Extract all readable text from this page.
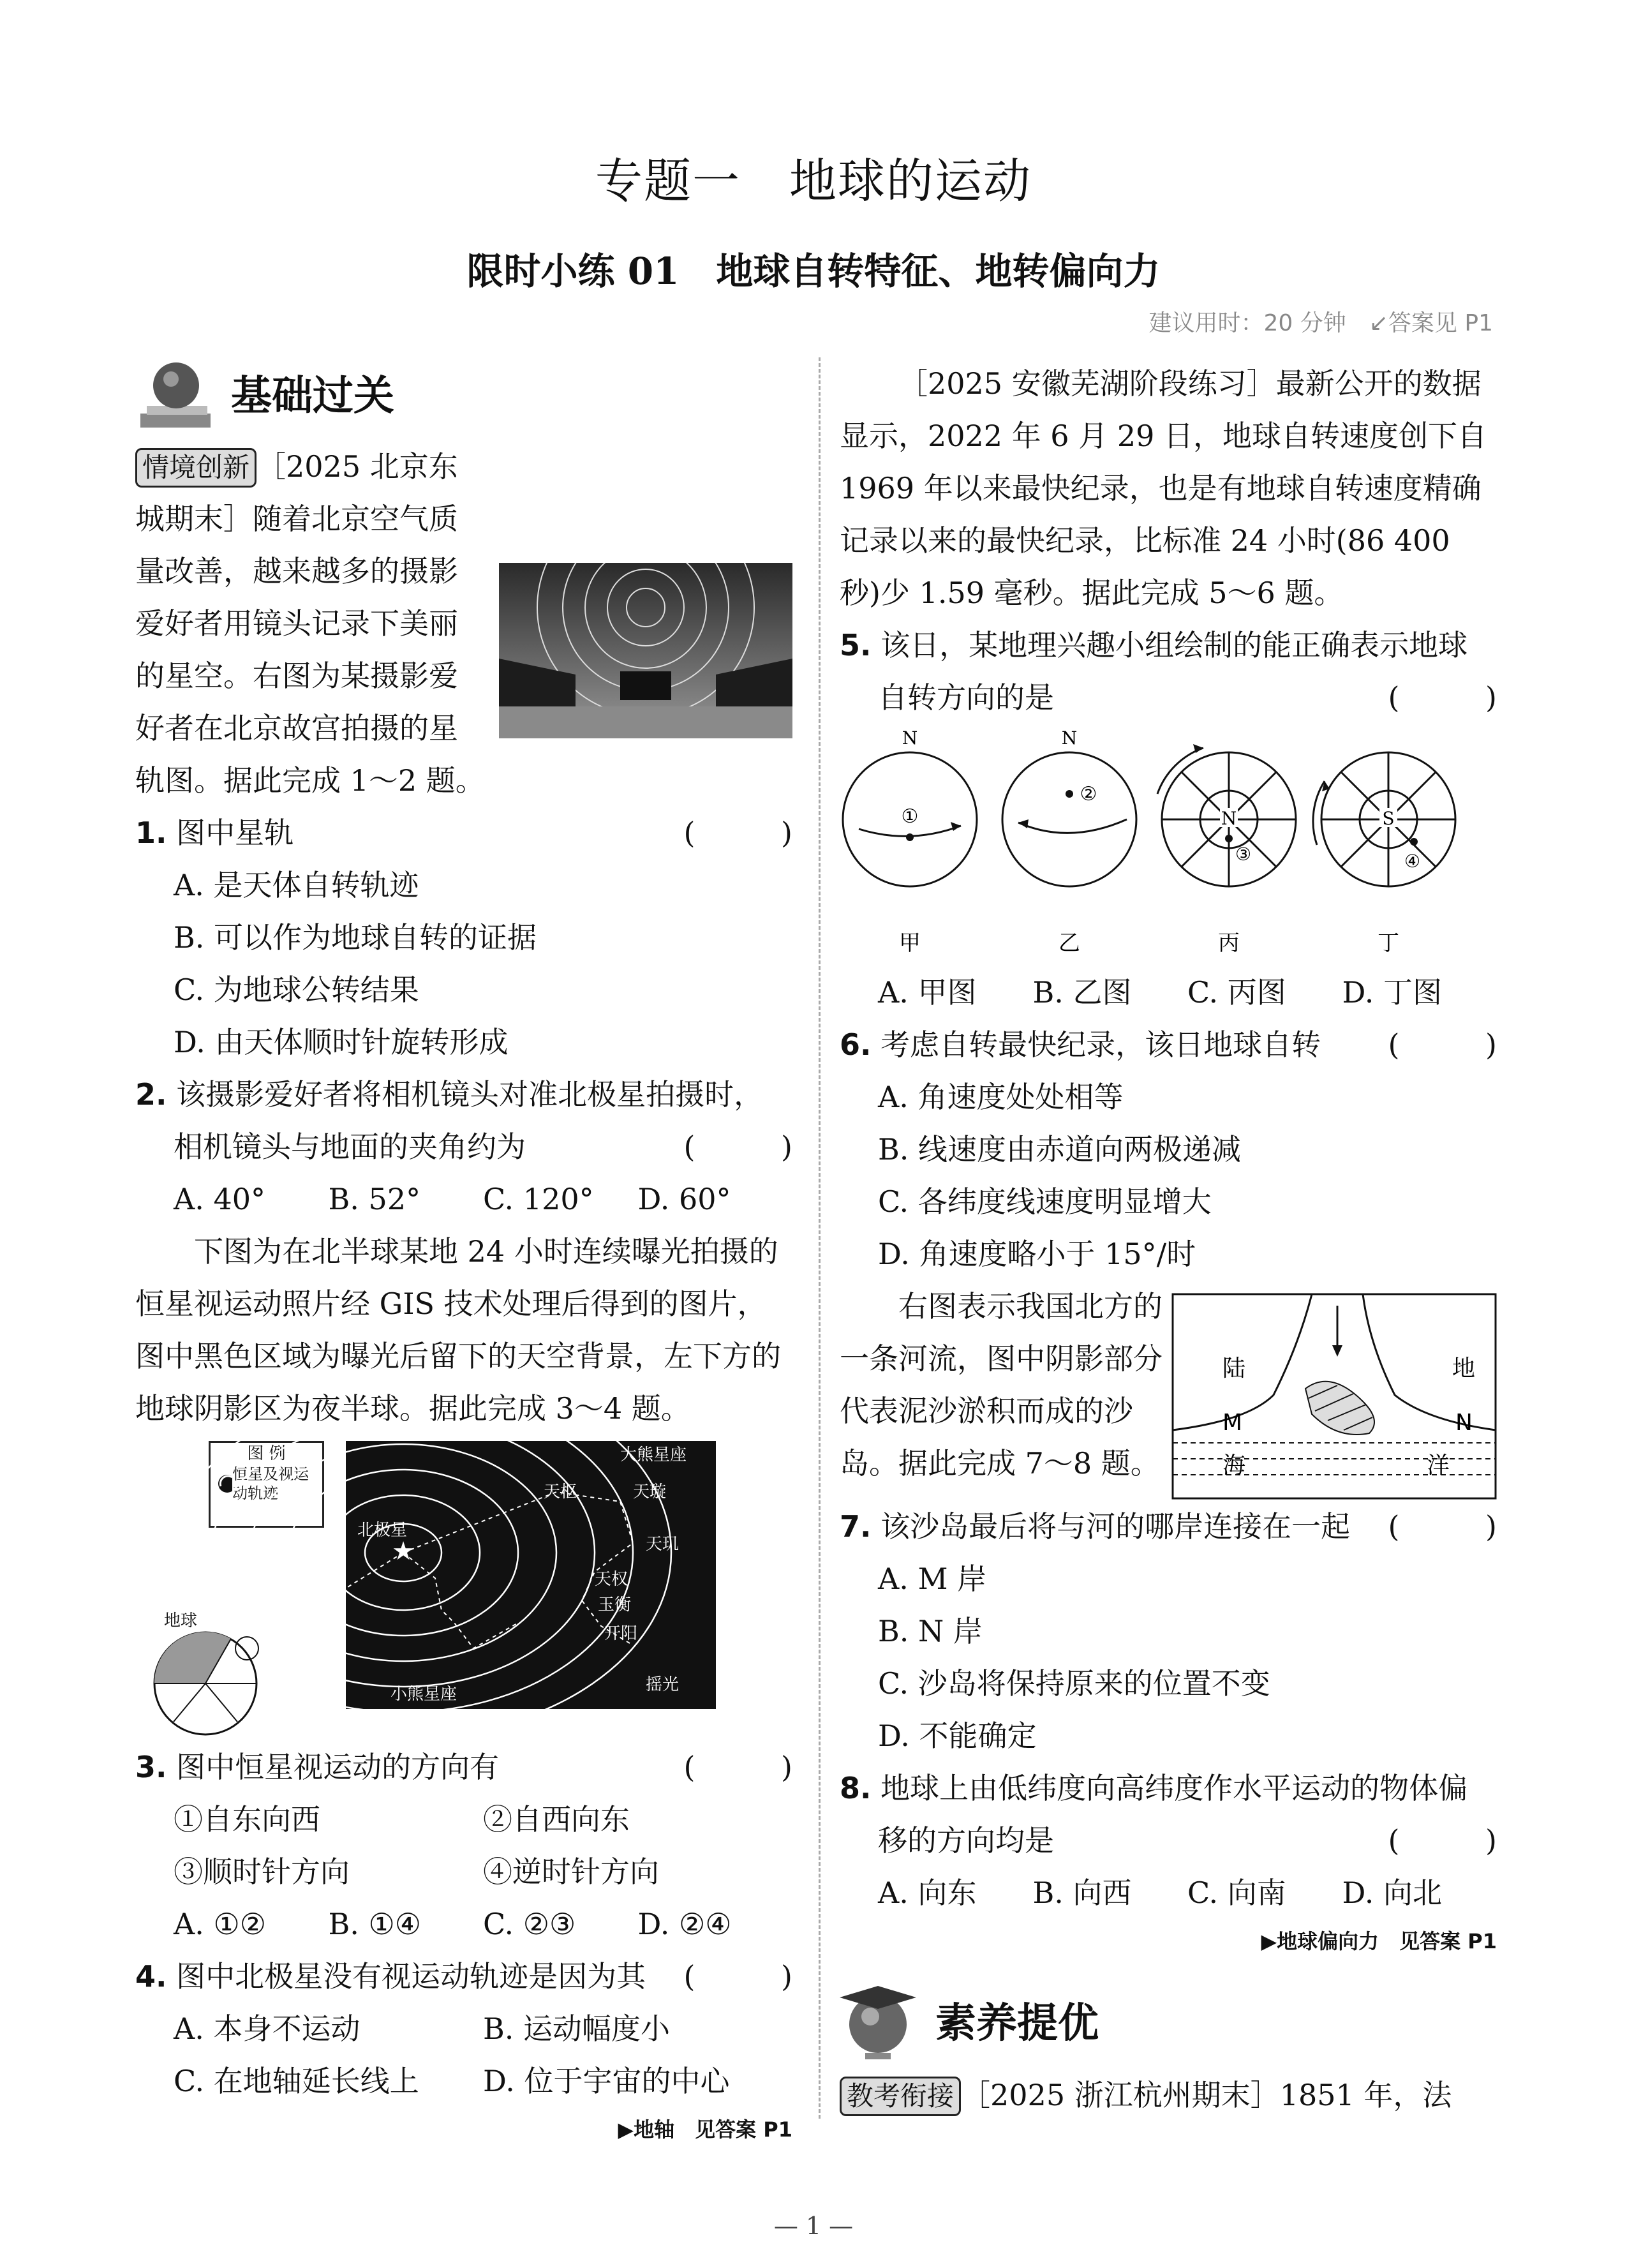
专题一　地球的运动
限时小练 01　地球自转特征、地转偏向力
建议用时：20 分钟　↙答案见 P1
基础过关

情境创新 ［2025 北京东城期末］随着北京空气质量改善，越来越多的摄影爱好者用镜头记录下美丽的星空。右图为某摄影爱好者在北京故宫拍摄的星轨图。据此完成 1～2 题。

1. 图中星轨	( )

A. 是天体自转轨迹

B. 可以作为地球自转的证据

C. 为地球公转结果

D. 由天体顺时针旋转形成

2. 该摄影爱好者将相机镜头对准北极星拍摄时，相机镜头与地面的夹角约为	( )

A. 40° B. 52° C. 120° D. 60°

下图为在北半球某地 24 小时连续曝光拍摄的恒星视运动照片经 GIS 技术处理后得到的图片，图中黑色区域为曝光后留下的天空背景，左下方的地球阴影区为夜半球。据此完成 3～4 题。

图 例
恒星及视运动轨迹
★
北极星
大熊星座
天枢	天璇
天玑
天权
玉衡
开阳
摇光
小熊星座
地球

3. 图中恒星视运动的方向有	( )

①自东向西	②自西向东

③顺时针方向	④逆时针方向

A. ①② B. ①④ C. ②③ D. ②④

4. 图中北极星没有视运动轨迹是因为其 ( )

A. 本身不运动	B. 运动幅度小

C. 在地轴延长线上 D. 位于宇宙的中心

▶地轴　见答案 P1

［2025 安徽芜湖阶段练习］最新公开的数据显示，2022 年 6 月 29 日，地球自转速度创下自 1969 年以来最快纪录，也是有地球自转速度精确记录以来的最快纪录，比标准 24 小时(86 400 秒)少 1.59 毫秒。据此完成 5～6 题。

5. 该日，某地理兴趣小组绘制的能正确表示地球自转方向的是	( )

N
①
甲
N
②
乙
N
③
丙
S
④
丁

A. 甲图 B. 乙图 C. 丙图 D. 丁图

6. 考虑自转最快纪录，该日地球自转 ( )

A. 角速度处处相等

B. 线速度由赤道向两极递减

C. 各纬度线速度明显增大

D. 角速度略小于 15°/时

陆	地
M	N
海	洋

右图表示我国北方的一条河流，图中阴影部分代表泥沙淤积而成的沙岛。据此完成 7～8 题。

7. 该沙岛最后将与河的哪岸连接在一起 ( )

A. M 岸

B. N 岸

C. 沙岛将保持原来的位置不变

D. 不能确定

8. 地球上由低纬度向高纬度作水平运动的物体偏移的方向均是	( )

A. 向东 B. 向西 C. 向南 D. 向北

▶地球偏向力　见答案 P1

素养提优

教考衔接 ［2025 浙江杭州期末］1851 年，法

— 1 —
